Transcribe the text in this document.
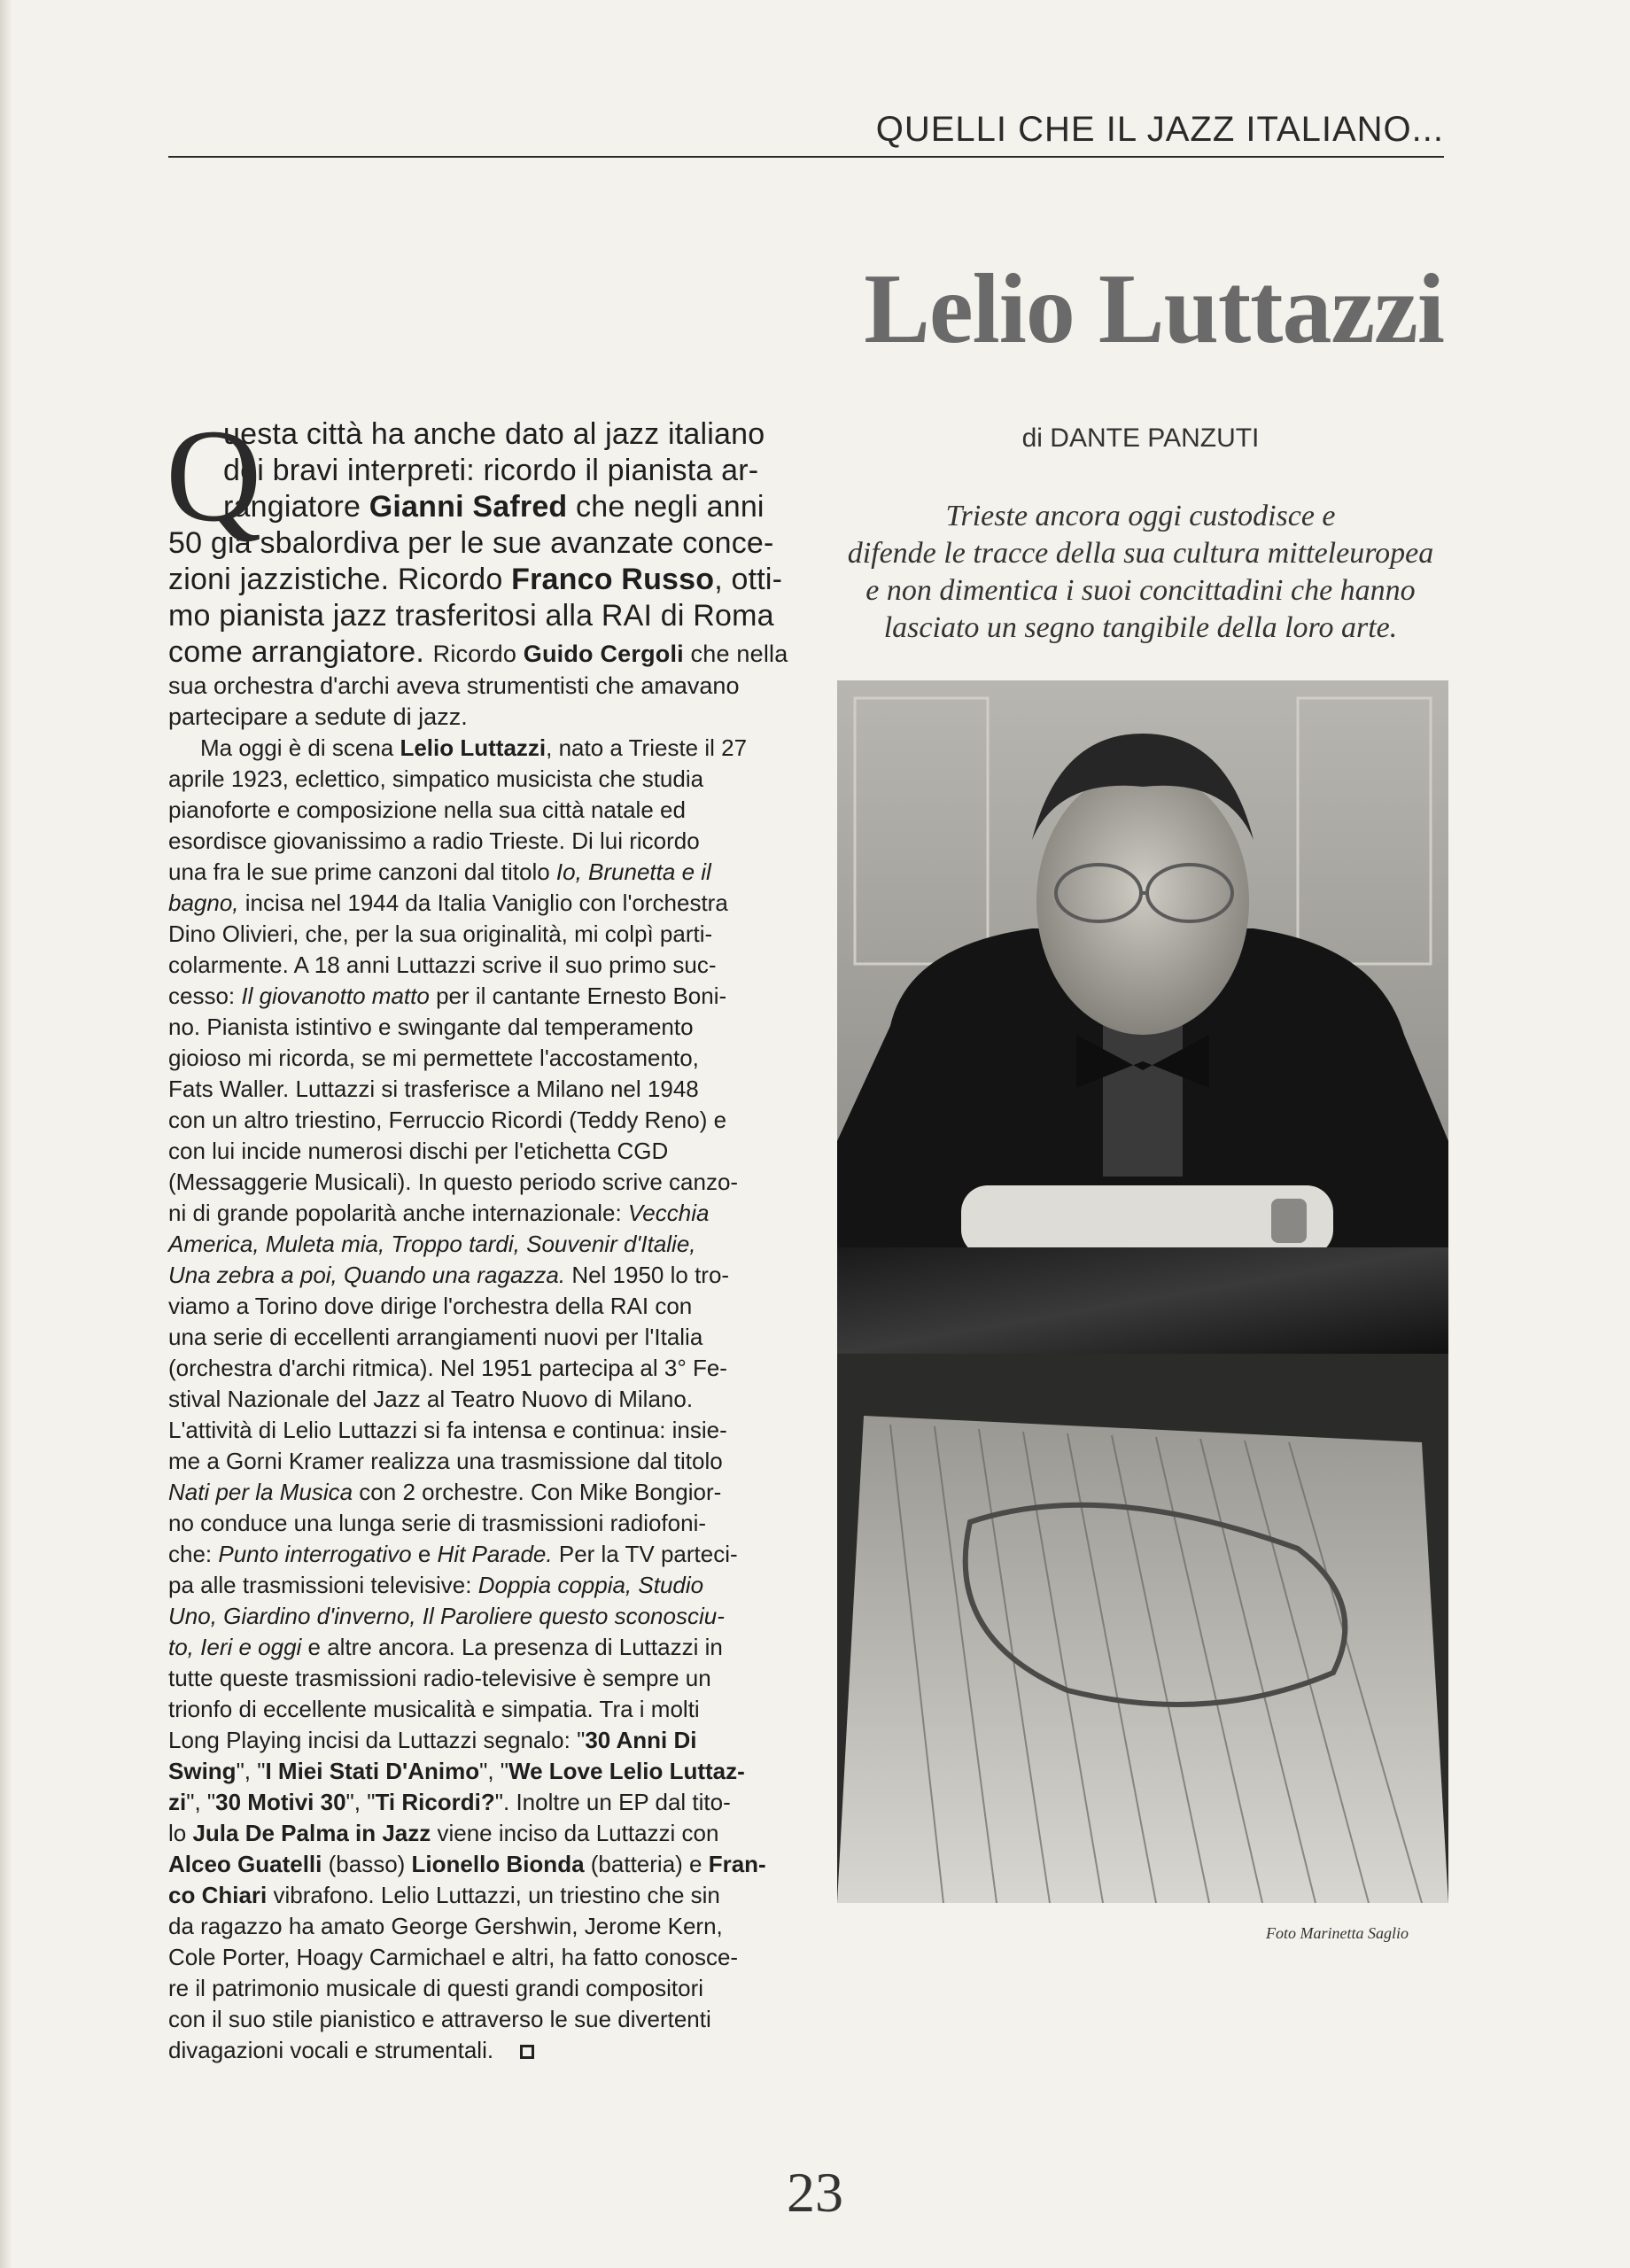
QUELLI CHE IL JAZZ ITALIANO...
Lelio Luttazzi
di DANTE PANZUTI
Trieste ancora oggi custodisce e
difende le tracce della sua cultura mitteleuropea
e non dimentica i suoi concittadini che hanno
lasciato un segno tangibile della loro arte.
Q
uesta città ha anche dato al jazz italiano
dei bravi interpreti: ricordo il pianista ar-
rangiatore Gianni Safred che negli anni
50 già sbalordiva per le sue avanzate conce-
zioni jazzistiche. Ricordo Franco Russo, otti-
mo pianista jazz trasferitosi alla RAI di Roma
come arrangiatore. Ricordo Guido Cergoli che nella
sua orchestra d'archi aveva strumentisti che amavano
partecipare a sedute di jazz.
Ma oggi è di scena Lelio Luttazzi, nato a Trieste il 27
aprile 1923, eclettico, simpatico musicista che studia
pianoforte e composizione nella sua città natale ed
esordisce giovanissimo a radio Trieste. Di lui ricordo
una fra le sue prime canzoni dal titolo Io, Brunetta e il
bagno, incisa nel 1944 da Italia Vaniglio con l'orchestra
Dino Olivieri, che, per la sua originalità, mi colpì parti-
colarmente. A 18 anni Luttazzi scrive il suo primo suc-
cesso: Il giovanotto matto per il cantante Ernesto Boni-
no. Pianista istintivo e swingante dal temperamento
gioioso mi ricorda, se mi permettete l'accostamento,
Fats Waller. Luttazzi si trasferisce a Milano nel 1948
con un altro triestino, Ferruccio Ricordi (Teddy Reno) e
con lui incide numerosi dischi per l'etichetta CGD
(Messaggerie Musicali). In questo periodo scrive canzo-
ni di grande popolarità anche internazionale: Vecchia
America, Muleta mia, Troppo tardi, Souvenir d'Italie,
Una zebra a poi, Quando una ragazza. Nel 1950 lo tro-
viamo a Torino dove dirige l'orchestra della RAI con
una serie di eccellenti arrangiamenti nuovi per l'Italia
(orchestra d'archi ritmica). Nel 1951 partecipa al 3° Fe-
stival Nazionale del Jazz al Teatro Nuovo di Milano.
L'attività di Lelio Luttazzi si fa intensa e continua: insie-
me a Gorni Kramer realizza una trasmissione dal titolo
Nati per la Musica con 2 orchestre. Con Mike Bongior-
no conduce una lunga serie di trasmissioni radiofoni-
che: Punto interrogativo e Hit Parade. Per la TV parteci-
pa alle trasmissioni televisive: Doppia coppia, Studio
Uno, Giardino d'inverno, Il Paroliere questo sconosciu-
to, Ieri e oggi e altre ancora. La presenza di Luttazzi in
tutte queste trasmissioni radio-televisive è sempre un
trionfo di eccellente musicalità e simpatia. Tra i molti
Long Playing incisi da Luttazzi segnalo: "30 Anni Di
Swing", "I Miei Stati D'Animo", "We Love Lelio Luttaz-
zi", "30 Motivi 30", "Ti Ricordi?". Inoltre un EP dal tito-
lo Jula De Palma in Jazz viene inciso da Luttazzi con
Alceo Guatelli (basso) Lionello Bionda (batteria) e Fran-
co Chiari vibrafono. Lelio Luttazzi, un triestino che sin
da ragazzo ha amato George Gershwin, Jerome Kern,
Cole Porter, Hoagy Carmichael e altri, ha fatto conosce-
re il patrimonio musicale di questi grandi compositori
con il suo stile pianistico e attraverso le sue divertenti
divagazioni vocali e strumentali.
Foto Marinetta Saglio
23
